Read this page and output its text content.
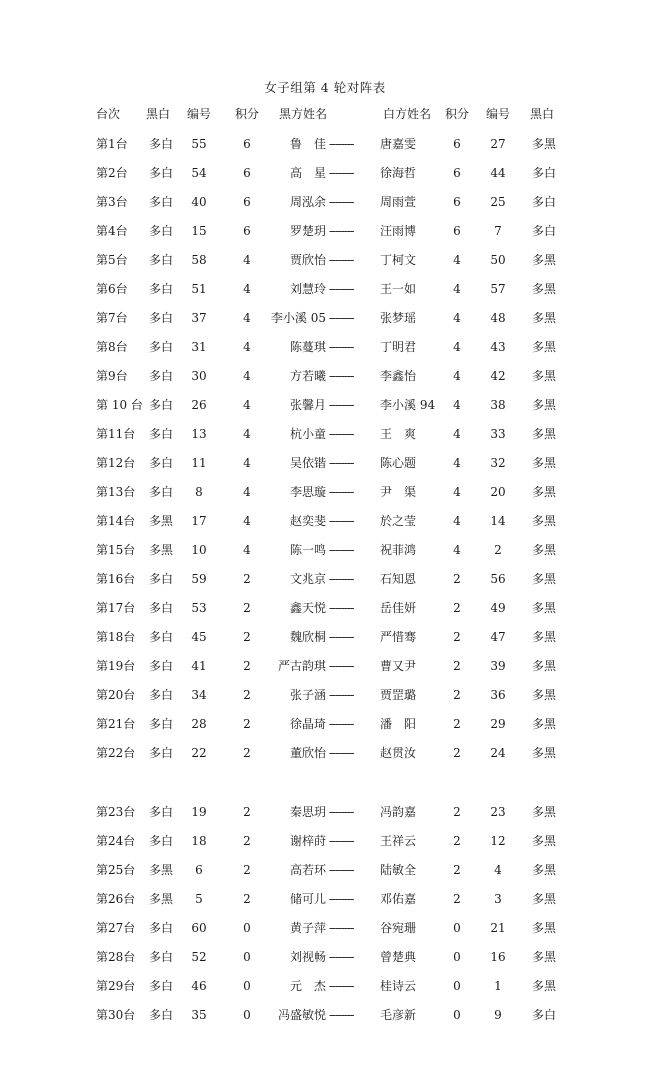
女子组第 4 轮对阵表
台次 黑白 编号 积分	黑方姓名	白方姓名	积分 编号 黑白
第1台 多白	55	6	鲁　佳 -------- 唐嘉雯	6	27	多黑
第2台 多白	54	6	高　星 -------- 徐海哲	6	44	多白
第3台 多白	40	6	周泓余 -------- 周雨萱	6	25	多白
第4台 多白	15	6	罗楚玥 -------- 汪雨博	6	7	多白
第5台 多白	58	4	贾欣怡 -------- 丁柯文	4	50	多黑
第6台 多白	51	4	刘慧玲 -------- 王一如	4	57	多黑
第7台 多白	37	4	李小溪 05 -------- 张梦瑶	4	48	多黑
第8台 多白	31	4	陈蔓琪 -------- 丁明君	4	43	多黑
第9台 多白	30	4	方若曦 -------- 李鑫怡	4	42	多黑
第 10 台 多白	26	4	张馨月 -------- 李小溪 94	4	38	多黑
第11台 多白	13	4	杭小童 -------- 王　爽	4	33	多黑
第12台 多白	11	4	吴依锴 -------- 陈心题	4	32	多黑
第13台 多白	8	4	李思璇 -------- 尹　渠	4	20	多黑
第14台 多黑	17	4	赵奕斐 -------- 於之莹	4	14	多黑
第15台 多黑	10	4	陈一鸣 -------- 祝菲鸿	4	2	多黑
第16台 多白	59	2	文兆京 -------- 石知恩	2	56	多黑
第17台 多白	53	2	鑫天悦 -------- 岳佳妍	2	49	多黑
第18台 多白	45	2	魏欣桐 -------- 严惜骞	2	47	多黑
第19台 多白	41	2	严古韵琪 -------- 曹又尹	2	39	多黑
第20台 多白	34	2	张子涵 -------- 贾罡璐	2	36	多黑
第21台 多白	28	2	徐晶琦 -------- 潘　阳	2	29	多黑
第22台 多白	22	2	董欣怡 -------- 赵贯汝	2	24	多黑
第23台 多白	19	2	秦思玥 -------- 冯韵嘉	2	23	多黑
第24台 多白	18	2	谢梓莳 -------- 王祥云	2	12	多黑
第25台 多黑	6	2	高若环 -------- 陆敏全	2	4	多黑
第26台 多黑	5	2	储可儿 -------- 邓佑嘉	2	3	多黑
第27台 多白	60	0	黄子萍 -------- 谷宛珊	0	21	多黑
第28台 多白	52	0	刘视畅 -------- 曾楚典	0	16	多黑
第29台 多白	46	0	元　杰 -------- 桂诗云	0	1	多黑
第30台 多白	35	0	冯盛敏悦 -------- 毛彦新	0	9	多白
